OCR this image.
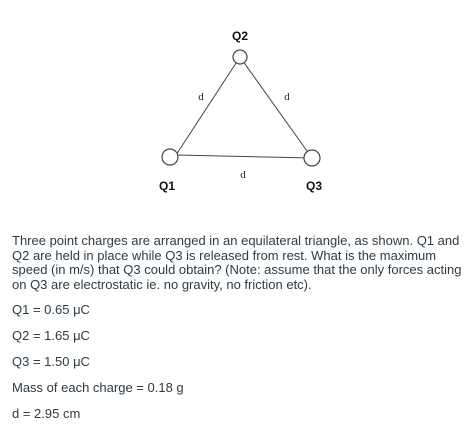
Q2
Q1	Q3
d	d
d

Three point charges are arranged in an equilateral triangle, as shown. Q1 and Q2 are held in place while Q3 is released from rest. What is the maximum speed (in m/s) that Q3 could obtain? (Note: assume that the only forces acting on Q3 are electrostatic ie. no gravity, no friction etc).

Q1 = 0.65 μC

Q2 = 1.65 μC

Q3 = 1.50 μC

Mass of each charge = 0.18 g

d = 2.95 cm
